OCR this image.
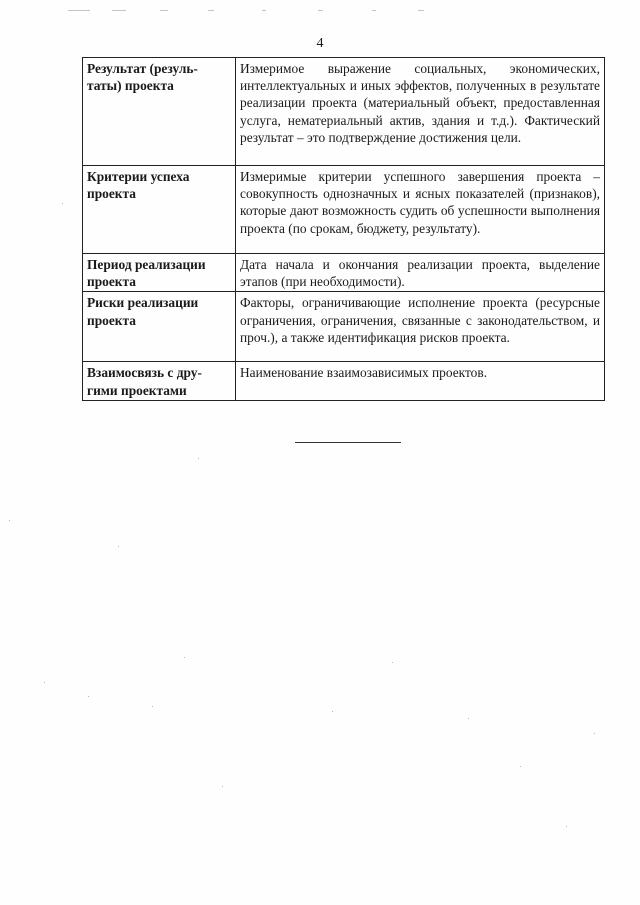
4
Результат (резуль-таты) проекта	Измеримое выражение социальных, экономических, интеллектуальных и иных эффектов, полученных в результате реализации проекта (материальный объект, предоставленная услуга, нематериальный актив, здания и т.д.). Фактический результат – это подтверждение достижения цели.
Критерии успеха проекта	Измеримые критерии успешного завершения проекта – совокупность однозначных и ясных показателей (признаков), которые дают возможность судить об успешности выполнения проекта (по срокам, бюджету, результату).
Период реализации проекта	Дата начала и окончания реализации проекта, выделение этапов (при необходимости).
Риски реализации проекта	Факторы, ограничивающие исполнение проекта (ресурсные ограничения, ограничения, связанные с законодательством, и проч.), а также идентификация рисков проекта.
Взаимосвязь с дру-гими проектами	Наименование взаимозависимых проектов.
